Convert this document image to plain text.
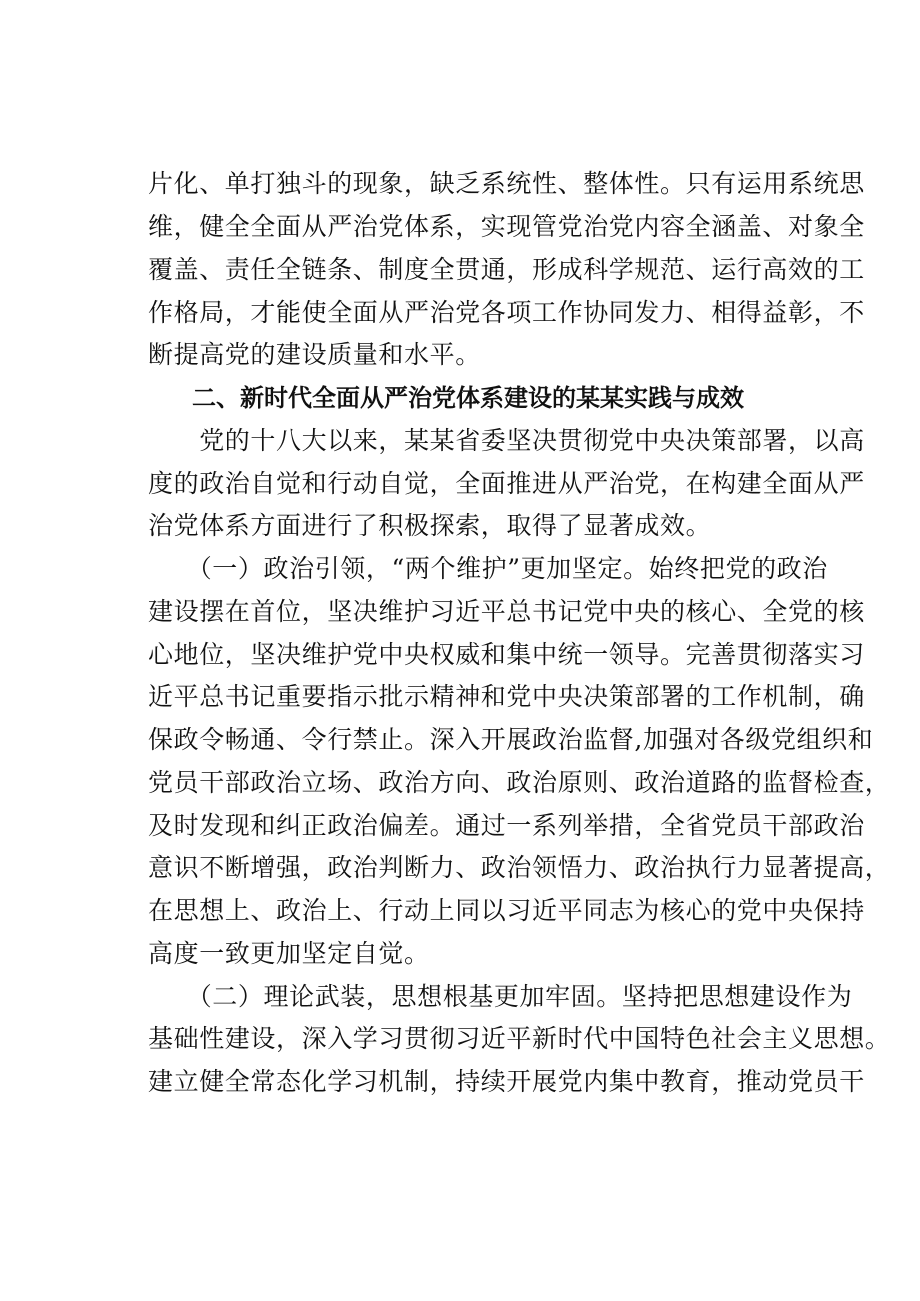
片化、单打独斗的现象，缺乏系统性、整体性。只有运用系统思
维，健全全面从严治党体系，实现管党治党内容全涵盖、对象全
覆盖、责任全链条、制度全贯通，形成科学规范、运行高效的工
作格局，才能使全面从严治党各项工作协同发力、相得益彰，不
断提高党的建设质量和水平。
二、新时代全面从严治党体系建设的某某实践与成效
　　党的十八大以来，某某省委坚决贯彻党中央决策部署，以高
度的政治自觉和行动自觉，全面推进从严治党，在构建全面从严
治党体系方面进行了积极探索，取得了显著成效。
　　（一）政治引领，“两个维护”更加坚定。始终把党的政治
建设摆在首位，坚决维护习近平总书记党中央的核心、全党的核
心地位，坚决维护党中央权威和集中统一领导。完善贯彻落实习
近平总书记重要指示批示精神和党中央决策部署的工作机制，确
保政令畅通、令行禁止。深入开展政治监督,加强对各级党组织和
党员干部政治立场、政治方向、政治原则、政治道路的监督检查，
及时发现和纠正政治偏差。通过一系列举措，全省党员干部政治
意识不断增强，政治判断力、政治领悟力、政治执行力显著提高，
在思想上、政治上、行动上同以习近平同志为核心的党中央保持
高度一致更加坚定自觉。
　　（二）理论武装，思想根基更加牢固。坚持把思想建设作为
基础性建设，深入学习贯彻习近平新时代中国特色社会主义思想。
建立健全常态化学习机制，持续开展党内集中教育，推动党员干
